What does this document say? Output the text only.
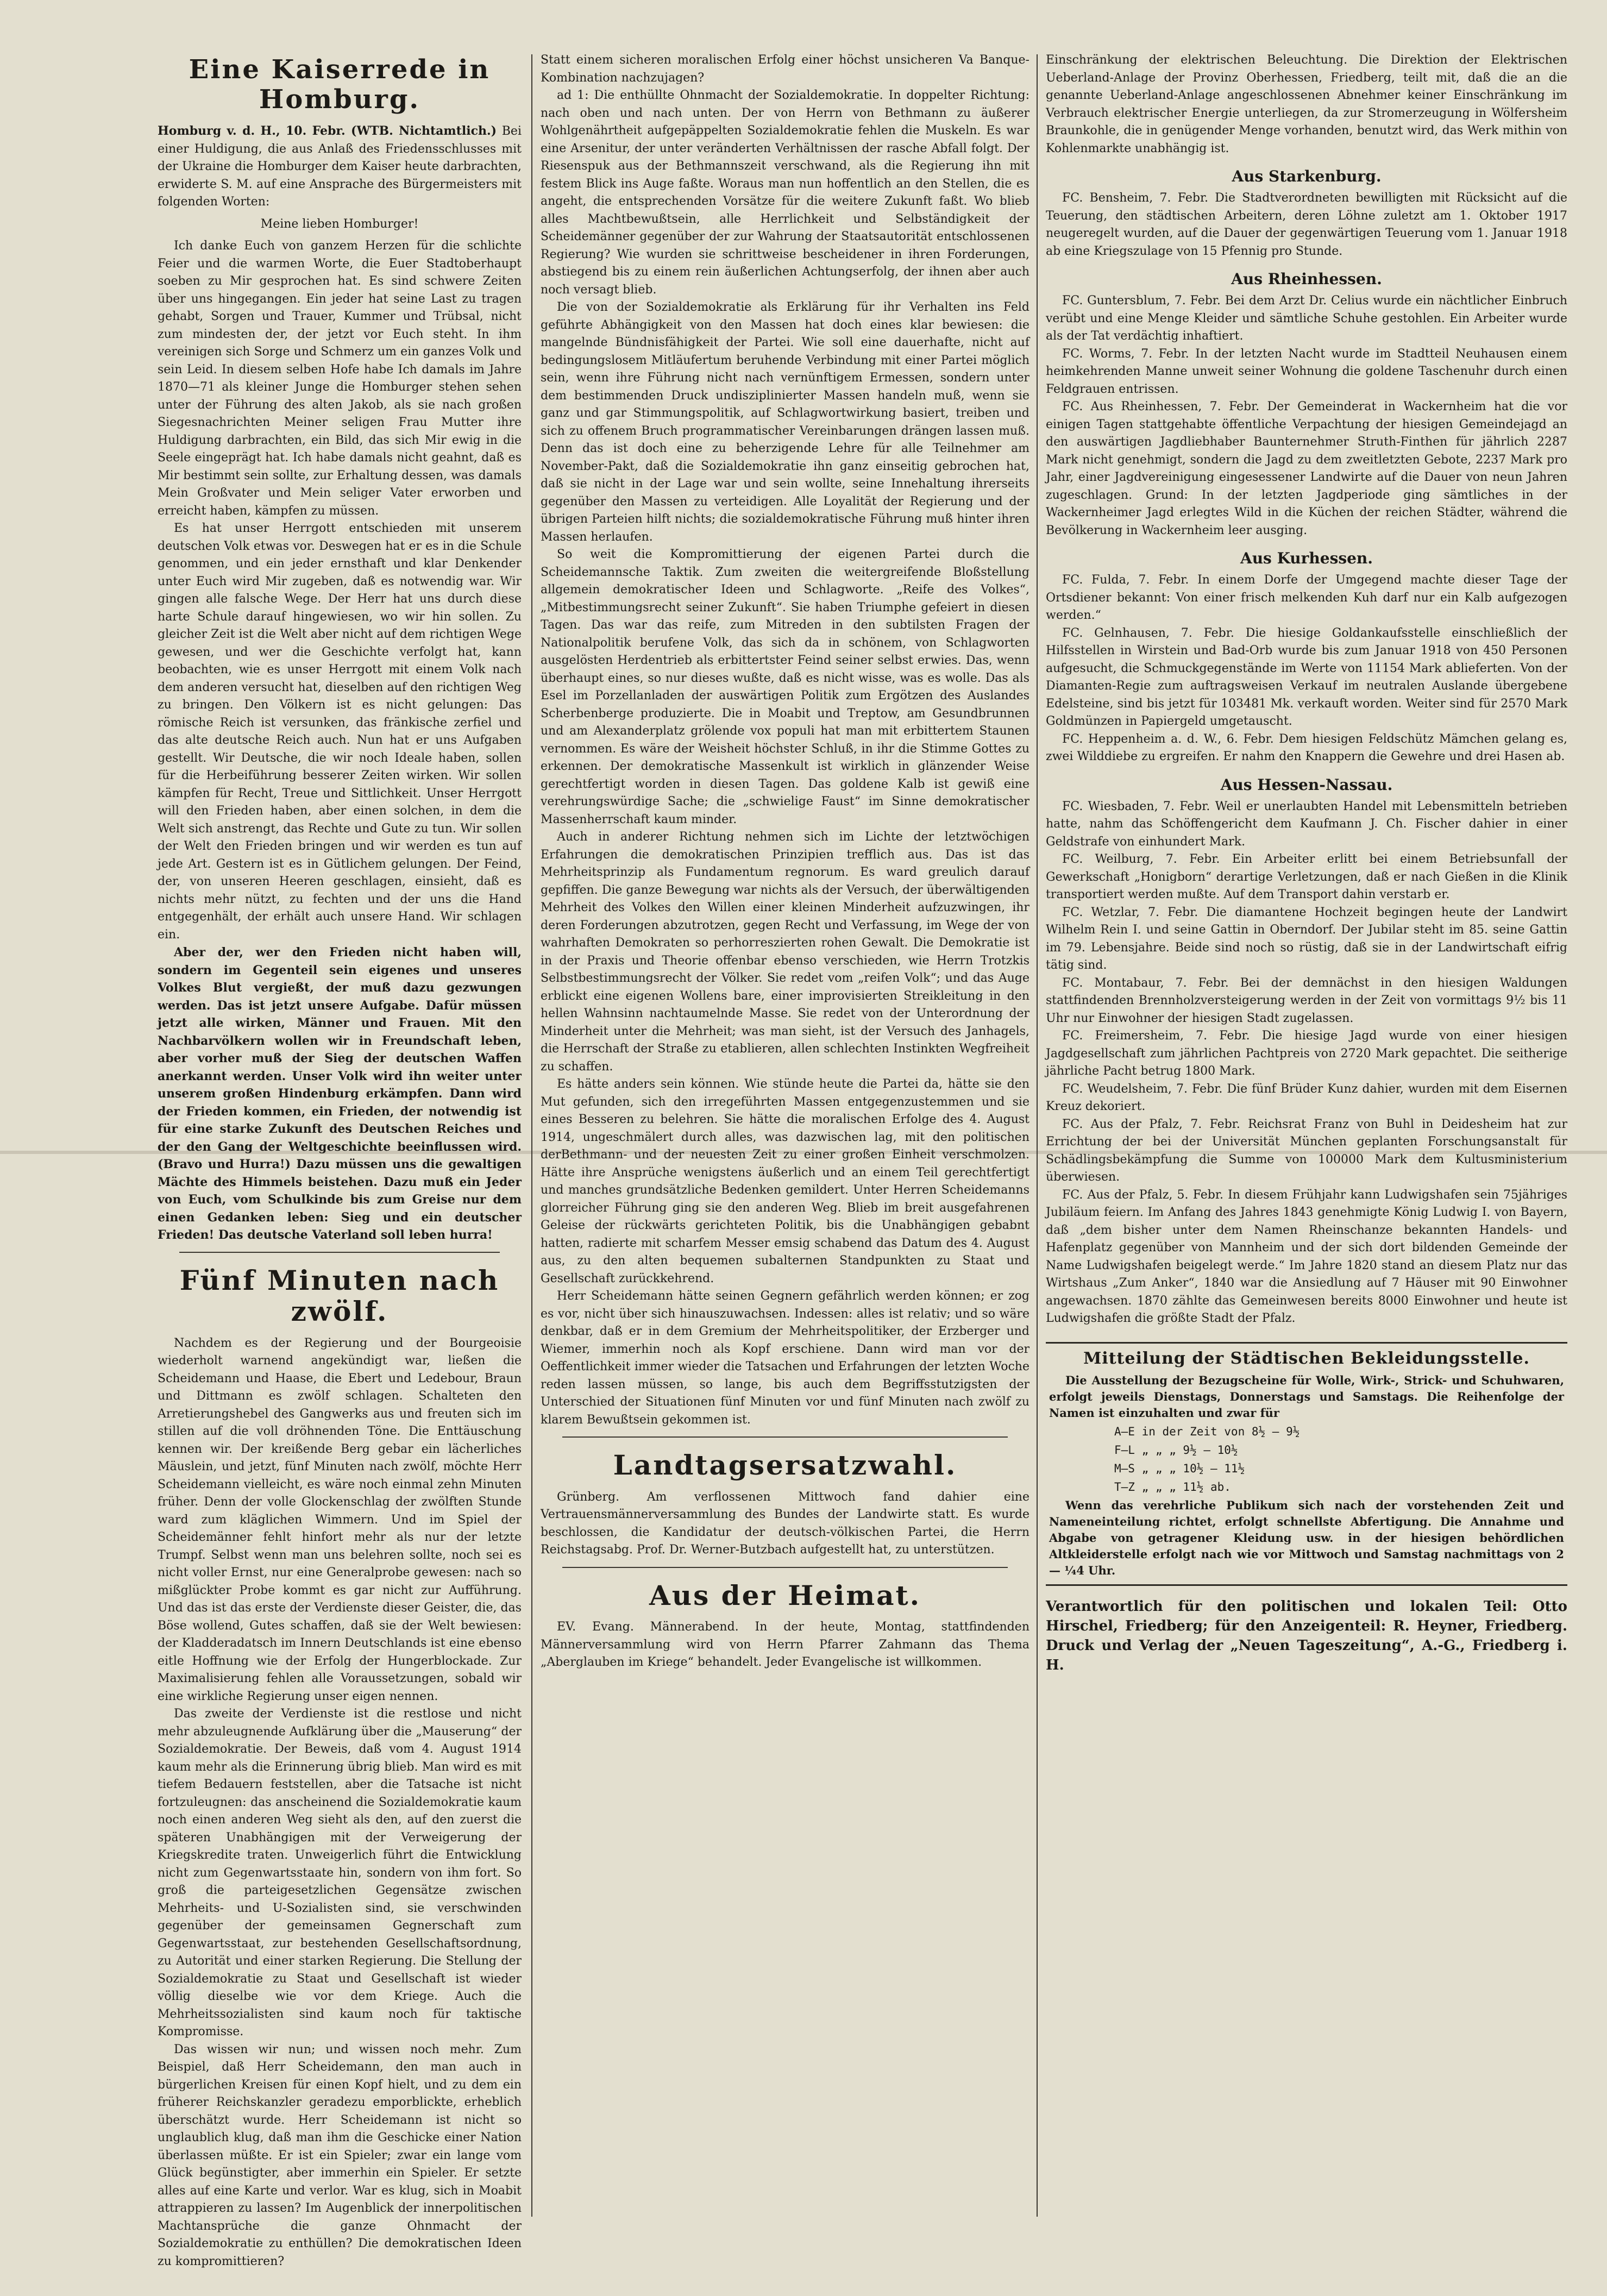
Eine Kaiserrede in Homburg.

Homburg v. d. H., 10. Febr. (WTB. Nichtamtlich.) Bei einer Huldigung, die aus Anlaß des Friedensschlusses mit der Ukraine die Homburger dem Kaiser heute darbrachten, erwiderte S. M. auf eine Ansprache des Bürgermeisters mit folgenden Worten:

Meine lieben Homburger!

Ich danke Euch von ganzem Herzen für die schlichte Feier und die warmen Worte, die Euer Stadtoberhaupt soeben zu Mir gesprochen hat. Es sind schwere Zeiten über uns hingegangen. Ein jeder hat seine Last zu tragen gehabt, Sorgen und Trauer, Kummer und Trübsal, nicht zum mindesten der, der jetzt vor Euch steht. In ihm vereinigen sich Sorge und Schmerz um ein ganzes Volk und sein Leid. In diesem selben Hofe habe Ich damals im Jahre 1870—71 als kleiner Junge die Homburger stehen sehen unter der Führung des alten Jakob, als sie nach großen Siegesnachrichten Meiner seligen Frau Mutter ihre Huldigung darbrachten, ein Bild, das sich Mir ewig in die Seele eingeprägt hat. Ich habe damals nicht geahnt, daß es Mir bestimmt sein sollte, zur Erhaltung dessen, was damals Mein Großvater und Mein seliger Vater erworben und erreicht haben, kämpfen zu müssen.

Es hat unser Herrgott entschieden mit unserem deutschen Volk etwas vor. Deswegen hat er es in die Schule genommen, und ein jeder ernsthaft und klar Denkender unter Euch wird Mir zugeben, daß es notwendig war. Wir gingen alle falsche Wege. Der Herr hat uns durch diese harte Schule darauf hingewiesen, wo wir hin sollen. Zu gleicher Zeit ist die Welt aber nicht auf dem richtigen Wege gewesen, und wer die Geschichte verfolgt hat, kann beobachten, wie es unser Herrgott mit einem Volk nach dem anderen versucht hat, dieselben auf den richtigen Weg zu bringen. Den Völkern ist es nicht gelungen: Das römische Reich ist versunken, das fränkische zerfiel und das alte deutsche Reich auch. Nun hat er uns Aufgaben gestellt. Wir Deutsche, die wir noch Ideale haben, sollen für die Herbeiführung besserer Zeiten wirken. Wir sollen kämpfen für Recht, Treue und Sittlichkeit. Unser Herrgott will den Frieden haben, aber einen solchen, in dem die Welt sich anstrengt, das Rechte und Gute zu tun. Wir sollen der Welt den Frieden bringen und wir werden es tun auf jede Art. Gestern ist es in Gütlichem gelungen. Der Feind, der, von unseren Heeren geschlagen, einsieht, daß es nichts mehr nützt, zu fechten und der uns die Hand entgegenhält, der erhält auch unsere Hand. Wir schlagen ein.

Aber der, wer den Frieden nicht haben will, sondern im Gegenteil sein eigenes und unseres Volkes Blut vergießt, der muß dazu gezwungen werden. Das ist jetzt unsere Aufgabe. Dafür müssen jetzt alle wirken, Männer und Frauen. Mit den Nachbarvölkern wollen wir in Freundschaft leben, aber vorher muß der Sieg der deutschen Waffen anerkannt werden. Unser Volk wird ihn weiter unter unserem großen Hindenburg erkämpfen. Dann wird der Frieden kommen, ein Frieden, der notwendig ist für eine starke Zukunft des Deutschen Reiches und der den Gang der Weltgeschichte beeinflussen wird. (Bravo und Hurra!) Dazu müssen uns die gewaltigen Mächte des Himmels beistehen. Dazu muß ein Jeder von Euch, vom Schulkinde bis zum Greise nur dem einen Gedanken leben: Sieg und ein deutscher Frieden! Das deutsche Vaterland soll leben hurra!

Fünf Minuten nach zwölf.

Nachdem es der Regierung und der Bourgeoisie wiederholt warnend angekündigt war, ließen die Scheidemann und Haase, die Ebert und Ledebour, Braun und Dittmann es zwölf schlagen. Schalteten den Arretierungshebel des Gangwerks aus und freuten sich im stillen auf die voll dröhnenden Töne. Die Enttäuschung kennen wir. Der kreißende Berg gebar ein lächerliches Mäuslein, und jetzt, fünf Minuten nach zwölf, möchte Herr Scheidemann vielleicht, es wäre noch einmal zehn Minuten früher. Denn der volle Glockenschlag der zwölften Stunde ward zum kläglichen Wimmern. Und im Spiel der Scheidemänner fehlt hinfort mehr als nur der letzte Trumpf. Selbst wenn man uns belehren sollte, noch sei es nicht voller Ernst, nur eine Generalprobe gewesen: nach so mißglückter Probe kommt es gar nicht zur Aufführung. Und das ist das erste der Verdienste dieser Geister, die, das Böse wollend, Gutes schaffen, daß sie der Welt bewiesen: der Kladderadatsch im Innern Deutschlands ist eine ebenso eitle Hoffnung wie der Erfolg der Hungerblockade. Zur Maximalisierung fehlen alle Voraussetzungen, sobald wir eine wirkliche Regierung unser eigen nennen.

Das zweite der Verdienste ist die restlose und nicht mehr abzuleugnende Aufklärung über die „Mauserung“ der Sozialdemokratie. Der Beweis, daß vom 4. August 1914 kaum mehr als die Erinnerung übrig blieb. Man wird es mit tiefem Bedauern feststellen, aber die Tatsache ist nicht fortzuleugnen: das anscheinend die Sozialdemokratie kaum noch einen anderen Weg sieht als den, auf den zuerst die späteren Unabhängigen mit der Verweigerung der Kriegskredite traten. Unweigerlich führt die Entwicklung nicht zum Gegenwartsstaate hin, sondern von ihm fort. So groß die parteigesetzlichen Gegensätze zwischen Mehrheits- und U-Sozialisten sind, sie verschwinden gegenüber der gemeinsamen Gegnerschaft zum Gegenwartsstaat, zur bestehenden Gesellschaftsordnung, zu Autorität und einer starken Regierung. Die Stellung der Sozialdemokratie zu Staat und Gesellschaft ist wieder völlig dieselbe wie vor dem Kriege. Auch die Mehrheitssozialisten sind kaum noch für taktische Kompromisse.

Das wissen wir nun; und wissen noch mehr. Zum Beispiel, daß Herr Scheidemann, den man auch in bürgerlichen Kreisen für einen Kopf hielt, und zu dem ein früherer Reichskanzler geradezu emporblickte, erheblich überschätzt wurde. Herr Scheidemann ist nicht so unglaublich klug, daß man ihm die Geschicke einer Nation überlassen müßte. Er ist ein Spieler; zwar ein lange vom Glück begünstigter, aber immerhin ein Spieler. Er setzte alles auf eine Karte und verlor. War es klug, sich in Moabit attrappieren zu lassen? Im Augenblick der innerpolitischen Machtansprüche die ganze Ohnmacht der Sozialdemokratie zu enthüllen? Die demokratischen Ideen zu kompromittieren?

Statt einem sicheren moralischen Erfolg einer höchst unsicheren Va Banque-Kombination nachzujagen?

ad 1: Die enthüllte Ohnmacht der Sozialdemokratie. In doppelter Richtung: nach oben und nach unten. Der von Herrn von Bethmann zu äußerer Wohlgenährtheit aufgepäppelten Sozialdemokratie fehlen die Muskeln. Es war eine Arsenitur, der unter veränderten Verhältnissen der rasche Abfall folgt. Der Riesenspuk aus der Bethmannszeit verschwand, als die Regierung ihn mit festem Blick ins Auge faßte. Woraus man nun hoffentlich an den Stellen, die es angeht, die entsprechenden Vorsätze für die weitere Zukunft faßt. Wo blieb alles Machtbewußtsein, alle Herrlichkeit und Selbständigkeit der Scheidemänner gegenüber der zur Wahrung der Staatsautorität entschlossenen Regierung? Wie wurden sie schrittweise bescheidener in ihren Forderungen, abstiegend bis zu einem rein äußerlichen Achtungserfolg, der ihnen aber auch noch versagt blieb.

Die von der Sozialdemokratie als Erklärung für ihr Verhalten ins Feld geführte Abhängigkeit von den Massen hat doch eines klar bewiesen: die mangelnde Bündnisfähigkeit der Partei. Wie soll eine dauerhafte, nicht auf bedingungslosem Mitläufertum beruhende Verbindung mit einer Partei möglich sein, wenn ihre Führung nicht nach vernünftigem Ermessen, sondern unter dem bestimmenden Druck undisziplinierter Massen handeln muß, wenn sie ganz und gar Stimmungspolitik, auf Schlagwortwirkung basiert, treiben und sich zu offenem Bruch programmatischer Vereinbarungen drängen lassen muß. Denn das ist doch eine zu beherzigende Lehre für alle Teilnehmer am November-Pakt, daß die Sozialdemokratie ihn ganz einseitig gebrochen hat, daß sie nicht in der Lage war und sein wollte, seine Innehaltung ihrerseits gegenüber den Massen zu verteidigen. Alle Loyalität der Regierung und der übrigen Parteien hilft nichts; die sozialdemokratische Führung muß hinter ihren Massen herlaufen.

So weit die Kompromittierung der eigenen Partei durch die Scheidemannsche Taktik. Zum zweiten die weitergreifende Bloßstellung allgemein demokratischer Ideen und Schlagworte. „Reife des Volkes“, „Mitbestimmungsrecht seiner Zukunft“. Sie haben Triumphe gefeiert in diesen Tagen. Das war das reife, zum Mitreden in den subtilsten Fragen der Nationalpolitik berufene Volk, das sich da in schönem, von Schlagworten ausgelösten Herdentrieb als erbittertster Feind seiner selbst erwies. Das, wenn überhaupt eines, so nur dieses wußte, daß es nicht wisse, was es wolle. Das als Esel im Porzellanladen der auswärtigen Politik zum Ergötzen des Auslandes Scherbenberge produzierte. Die in Moabit und Treptow, am Gesundbrunnen und am Alexanderplatz grölende vox populi hat man mit erbittertem Staunen vernommen. Es wäre der Weisheit höchster Schluß, in ihr die Stimme Gottes zu erkennen. Der demokratische Massenkult ist wirklich in glänzender Weise gerechtfertigt worden in diesen Tagen. Das goldene Kalb ist gewiß eine verehrungswürdige Sache; die „schwielige Faust“ im Sinne demokratischer Massenherrschaft kaum minder.

Auch in anderer Richtung nehmen sich im Lichte der letztwöchigen Erfahrungen die demokratischen Prinzipien trefflich aus. Das ist das Mehrheitsprinzip als Fundamentum regnorum. Es ward greulich darauf gepfiffen. Die ganze Bewegung war nichts als der Versuch, der überwältigenden Mehrheit des Volkes den Willen einer kleinen Minderheit aufzuzwingen, ihr deren Forderungen abzutrotzen, gegen Recht und Verfassung, im Wege der von wahrhaften Demokraten so perhorreszierten rohen Gewalt. Die Demokratie ist in der Praxis und Theorie offenbar ebenso verschieden, wie Herrn Trotzkis Selbstbestimmungsrecht der Völker. Sie redet vom „reifen Volk“; und das Auge erblickt eine eigenen Wollens bare, einer improvisierten Streikleitung in den hellen Wahnsinn nachtaumelnde Masse. Sie redet von der Unterordnung der Minderheit unter die Mehrheit; was man sieht, ist der Versuch des Janhagels, die Herrschaft der Straße zu etablieren, allen schlechten Instinkten Wegfreiheit zu schaffen.

Es hätte anders sein können. Wie stünde heute die Partei da, hätte sie den Mut gefunden, sich den irregeführten Massen entgegenzustemmen und sie eines Besseren zu belehren. Sie hätte die moralischen Erfolge des 4. August 1914, ungeschmälert durch alles, was dazwischen lag, mit den politischen derBethmann- und der neuesten Zeit zu einer großen Einheit verschmolzen. Hätte ihre Ansprüche wenigstens äußerlich und an einem Teil gerechtfertigt und manches grundsätzliche Bedenken gemildert. Unter Herren Scheidemanns glorreicher Führung ging sie den anderen Weg. Blieb im breit ausgefahrenen Geleise der rückwärts gerichteten Politik, bis die Unabhängigen gebabnt hatten, radierte mit scharfem Messer emsig schabend das Datum des 4. August aus, zu den alten bequemen subalternen Standpunkten zu Staat und Gesellschaft zurückkehrend.

Herr Scheidemann hätte seinen Gegnern gefährlich werden können; er zog es vor, nicht über sich hinauszuwachsen. Indessen: alles ist relativ; und so wäre denkbar, daß er in dem Gremium der Mehrheitspolitiker, der Erzberger und Wiemer, immerhin noch als Kopf erschiene. Dann wird man vor der Oeffentlichkeit immer wieder die Tatsachen und Erfahrungen der letzten Woche reden lassen müssen, so lange, bis auch dem Begriffsstutzigsten der Unterschied der Situationen fünf Minuten vor und fünf Minuten nach zwölf zu klarem Bewußtsein gekommen ist.

Landtagsersatzwahl.

Grünberg. Am verflossenen Mittwoch fand dahier eine Vertrauensmännerversammlung des Bundes der Landwirte statt. Es wurde beschlossen, die Kandidatur der deutsch-völkischen Partei, die Herrn Reichstagsabg. Prof. Dr. Werner-Butzbach aufgestellt hat, zu unterstützen.

Aus der Heimat.

EV. Evang. Männerabend. In der heute, Montag, stattfindenden Männerversammlung wird von Herrn Pfarrer Zahmann das Thema „Aberglauben im Kriege“ behandelt. Jeder Evangelische ist willkommen.

Einschränkung der elektrischen Beleuchtung. Die Direktion der Elektrischen Ueberland-Anlage der Provinz Oberhessen, Friedberg, teilt mit, daß die an die genannte Ueberland-Anlage angeschlossenen Abnehmer keiner Einschränkung im Verbrauch elektrischer Energie unterliegen, da zur Stromerzeugung in Wölfersheim Braunkohle, die in genügender Menge vorhanden, benutzt wird, das Werk mithin von Kohlenmarkte unabhängig ist.

Aus Starkenburg.

FC. Bensheim, 7. Febr. Die Stadtverordneten bewilligten mit Rücksicht auf die Teuerung, den städtischen Arbeitern, deren Löhne zuletzt am 1. Oktober 1917 neugeregelt wurden, auf die Dauer der gegenwärtigen Teuerung vom 1. Januar 1918 ab eine Kriegszulage von 15 Pfennig pro Stunde.

Aus Rheinhessen.

FC. Guntersblum, 7. Febr. Bei dem Arzt Dr. Celius wurde ein nächtlicher Einbruch verübt und eine Menge Kleider und sämtliche Schuhe gestohlen. Ein Arbeiter wurde als der Tat verdächtig inhaftiert.

FC. Worms, 7. Febr. In der letzten Nacht wurde im Stadtteil Neuhausen einem heimkehrenden Manne unweit seiner Wohnung die goldene Taschenuhr durch einen Feldgrauen entrissen.

FC. Aus Rheinhessen, 7. Febr. Der Gemeinderat in Wackernheim hat die vor einigen Tagen stattgehabte öffentliche Verpachtung der hiesigen Gemeindejagd an den auswärtigen Jagdliebhaber Baunternehmer Struth-Finthen für jährlich 2287 Mark nicht genehmigt, sondern die Jagd zu dem zweitletzten Gebote, 2237 Mark pro Jahr, einer Jagdvereinigung eingesessener Landwirte auf die Dauer von neun Jahren zugeschlagen. Grund: In der letzten Jagdperiode ging sämtliches in der Wackernheimer Jagd erlegtes Wild in die Küchen der reichen Städter, während die Bevölkerung in Wackernheim leer ausging.

Aus Kurhessen.

FC. Fulda, 7. Febr. In einem Dorfe der Umgegend machte dieser Tage der Ortsdiener bekannt: Von einer frisch melkenden Kuh darf nur ein Kalb aufgezogen werden.“

FC. Gelnhausen, 7. Febr. Die hiesige Goldankaufsstelle einschließlich der Hilfsstellen in Wirstein und Bad-Orb wurde bis zum Januar 1918 von 450 Personen aufgesucht, die Schmuckgegenstände im Werte von 11154 Mark ablieferten. Von der Diamanten-Regie zum auftragsweisen Verkauf im neutralen Auslande übergebene Edelsteine, sind bis jetzt für 103481 Mk. verkauft worden. Weiter sind für 2570 Mark Goldmünzen in Papiergeld umgetauscht.

FC. Heppenheim a. d. W., 6. Febr. Dem hiesigen Feldschütz Mämchen gelang es, zwei Wilddiebe zu ergreifen. Er nahm den Knappern die Gewehre und drei Hasen ab.

Aus Hessen-Nassau.

FC. Wiesbaden, 7. Febr. Weil er unerlaubten Handel mit Lebensmitteln betrieben hatte, nahm das Schöffengericht dem Kaufmann J. Ch. Fischer dahier in einer Geldstrafe von einhundert Mark.

FC. Weilburg, 7. Febr. Ein Arbeiter erlitt bei einem Betriebsunfall der Gewerkschaft „Honigborn“ derartige Verletzungen, daß er nach Gießen in die Klinik transportiert werden mußte. Auf dem Transport dahin verstarb er.

FC. Wetzlar, 7. Febr. Die diamantene Hochzeit begingen heute der Landwirt Wilhelm Rein I. und seine Gattin in Oberndorf. Der Jubilar steht im 85. seine Gattin im 79. Lebensjahre. Beide sind noch so rüstig, daß sie in der Landwirtschaft eifrig tätig sind.

FC. Montabaur, 7. Febr. Bei der demnächst in den hiesigen Waldungen stattfindenden Brennholzversteigerung werden in der Zeit von vormittags 9½ bis 11 Uhr nur Einwohner der hiesigen Stadt zugelassen.

FC. Freimersheim, 7. Febr. Die hiesige Jagd wurde von einer hiesigen Jagdgesellschaft zum jährlichen Pachtpreis von 2720 Mark gepachtet. Die seitherige jährliche Pacht betrug 1800 Mark.

FC. Weudelsheim, 7. Febr. Die fünf Brüder Kunz dahier, wurden mit dem Eisernen Kreuz dekoriert.

FC. Aus der Pfalz, 7. Febr. Reichsrat Franz von Buhl in Deidesheim hat zur Errichtung der bei der Universität München geplanten Forschungsanstalt für Schädlingsbekämpfung die Summe von 100000 Mark dem Kultusministerium überwiesen.

FC. Aus der Pfalz, 5. Febr. In diesem Frühjahr kann Ludwigshafen sein 75jähriges Jubiläum feiern. Im Anfang des Jahres 1843 genehmigte König Ludwig I. von Bayern, daß „dem bisher unter dem Namen Rheinschanze bekannten Handels- und Hafenplatz gegenüber von Mannheim und der sich dort bildenden Gemeinde der Name Ludwigshafen beigelegt werde.“ Im Jahre 1820 stand an diesem Platz nur das Wirtshaus „Zum Anker“, 1840 war die Ansiedlung auf 7 Häuser mit 90 Einwohner angewachsen. 1870 zählte das Gemeinwesen bereits 8000 Einwohner und heute ist Ludwigshafen die größte Stadt der Pfalz.

Mitteilung der Städtischen Bekleidungsstelle.

Die Ausstellung der Bezugscheine für Wolle, Wirk-, Strick- und Schuhwaren, erfolgt jeweils Dienstags, Donnerstags und Samstags. Die Reihenfolge der Namen ist einzuhalten und zwar für

A—E in der Zeit von 8½ — 9½
F—L „ „ „ 9½ — 10½
M—S „ „ „ 10½ — 11½
T—Z „ „ „ 11½ ab.

Wenn das verehrliche Publikum sich nach der vorstehenden Zeit und Nameneinteilung richtet, erfolgt schnellste Abfertigung. Die Annahme und Abgabe von getragener Kleidung usw. in der hiesigen behördlichen Altkleiderstelle erfolgt nach wie vor Mittwoch und Samstag nachmittags von 2— ¼4 Uhr.

Verantwortlich für den politischen und lokalen Teil: Otto Hirschel, Friedberg; für den Anzeigenteil: R. Heyner, Friedberg. Druck und Verlag der „Neuen Tageszeitung“, A.-G., Friedberg i. H.
